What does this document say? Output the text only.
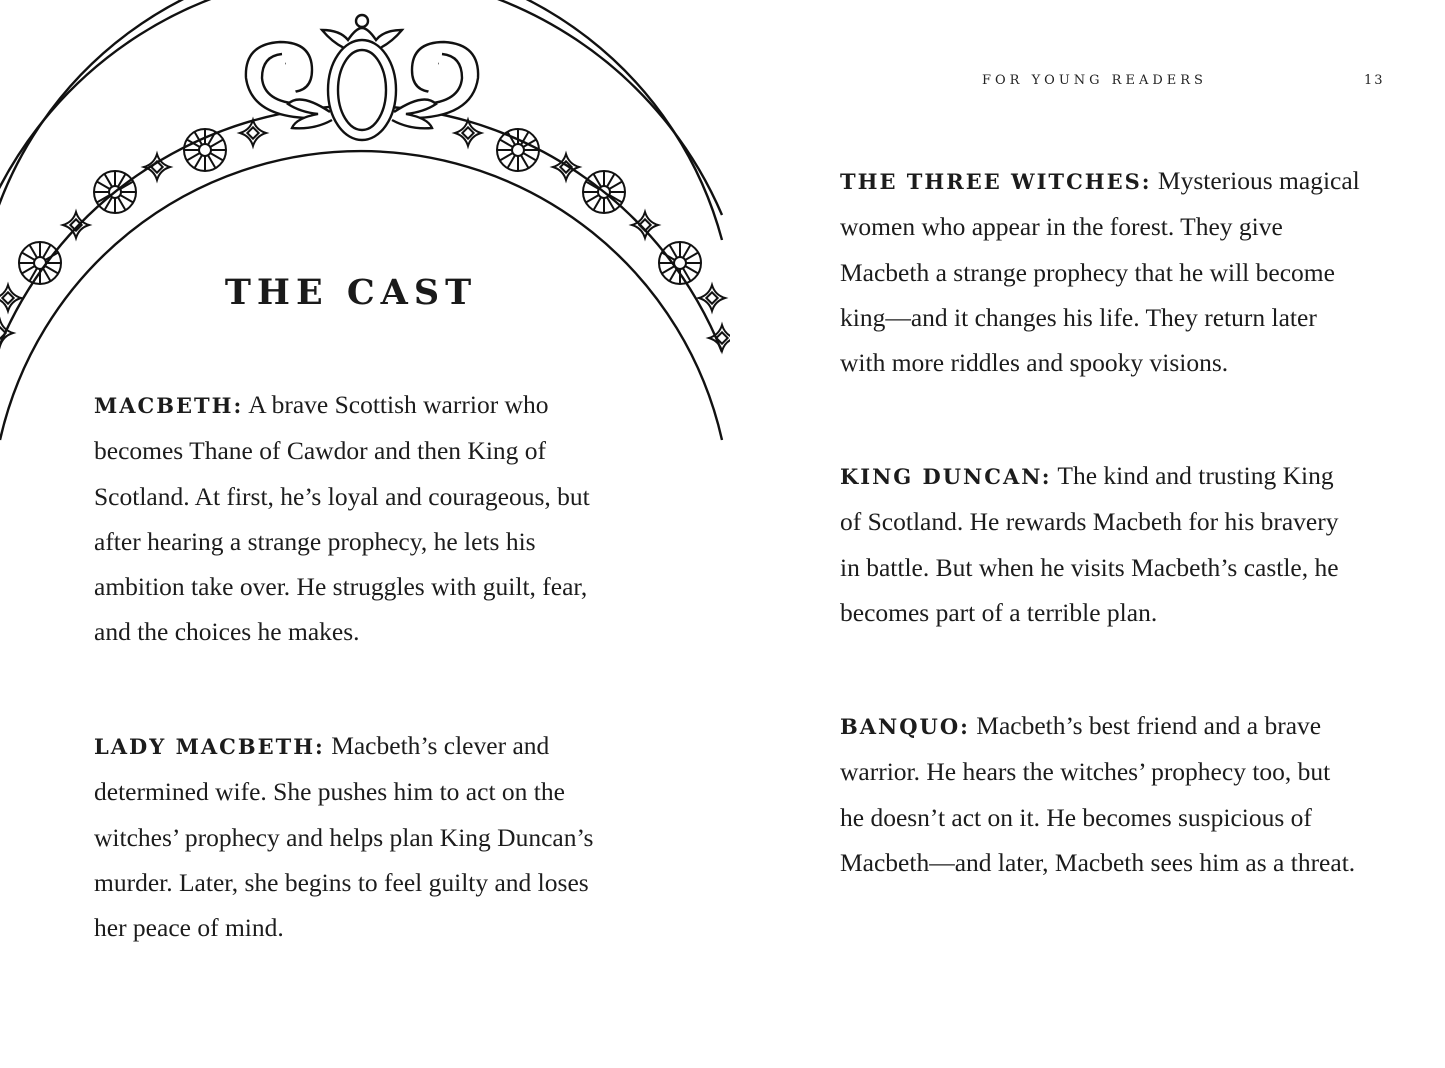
THE CAST

MACBETH: A brave Scottish warrior who becomes Thane of Cawdor and then King of Scotland. At first, he’s loyal and courageous, but after hearing a strange prophecy, he lets his ambition take over. He struggles with guilt, fear, and the choices he makes.

LADY MACBETH: Macbeth’s clever and determined wife. She pushes him to act on the witches’ prophecy and helps plan King Duncan’s murder. Later, she begins to feel guilty and loses her peace of mind.

FOR YOUNG READERS	13

THE THREE WITCHES: Mysterious magical women who appear in the forest. They give Macbeth a strange prophecy that he will become king—and it changes his life. They return later with more riddles and spooky visions.

KING DUNCAN: The kind and trusting King of Scotland. He rewards Macbeth for his bravery in battle. But when he visits Macbeth’s castle, he becomes part of a terrible plan.

BANQUO: Macbeth’s best friend and a brave warrior. He hears the witches’ prophecy too, but he doesn’t act on it. He becomes suspicious of Macbeth—and later, Macbeth sees him as a threat.
